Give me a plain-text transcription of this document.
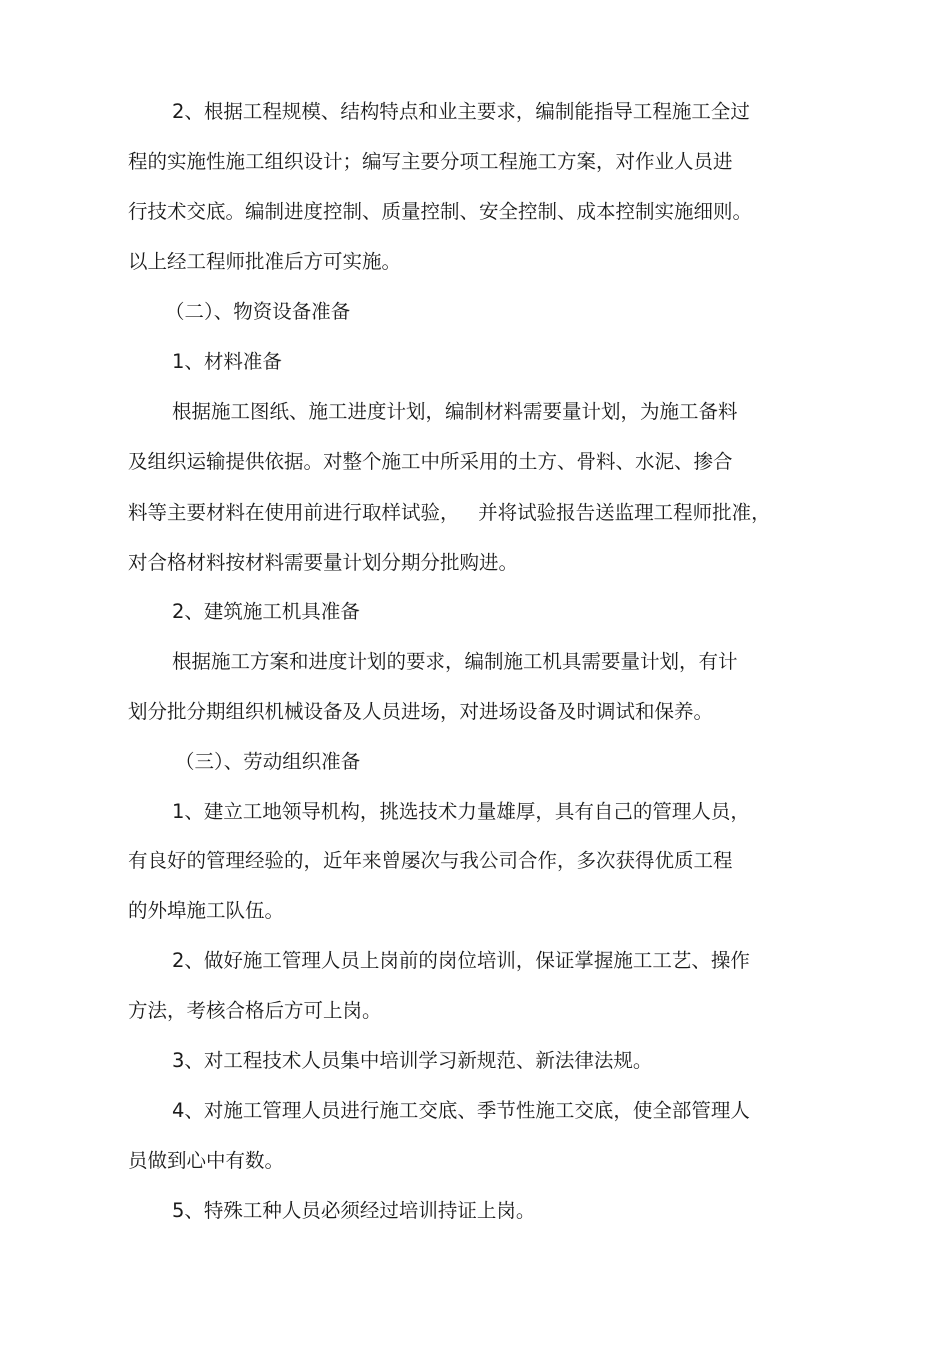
2、根据工程规模、结构特点和业主要求，编制能指导工程施工全过
程的实施性施工组织设计；编写主要分项工程施工方案，对作业人员进
行技术交底。编制进度控制、质量控制、安全控制、成本控制实施细则。
以上经工程师批准后方可实施。
（二）、物资设备准备
1、材料准备
根据施工图纸、施工进度计划，编制材料需要量计划，为施工备料
及组织运输提供依据。对整个施工中所采用的土方、骨料、水泥、掺合
料等主要材料在使用前进行取样试验，   并将试验报告送监理工程师批准，
对合格材料按材料需要量计划分期分批购进。
2、建筑施工机具准备
根据施工方案和进度计划的要求，编制施工机具需要量计划，有计
划分批分期组织机械设备及人员进场，对进场设备及时调试和保养。
（三）、劳动组织准备
1、建立工地领导机构，挑选技术力量雄厚，具有自己的管理人员，
有良好的管理经验的，近年来曾屡次与我公司合作，多次获得优质工程
的外埠施工队伍。
2、做好施工管理人员上岗前的岗位培训，保证掌握施工工艺、操作
方法，考核合格后方可上岗。
3、对工程技术人员集中培训学习新规范、新法律法规。
4、对施工管理人员进行施工交底、季节性施工交底，使全部管理人
员做到心中有数。
5、特殊工种人员必须经过培训持证上岗。
